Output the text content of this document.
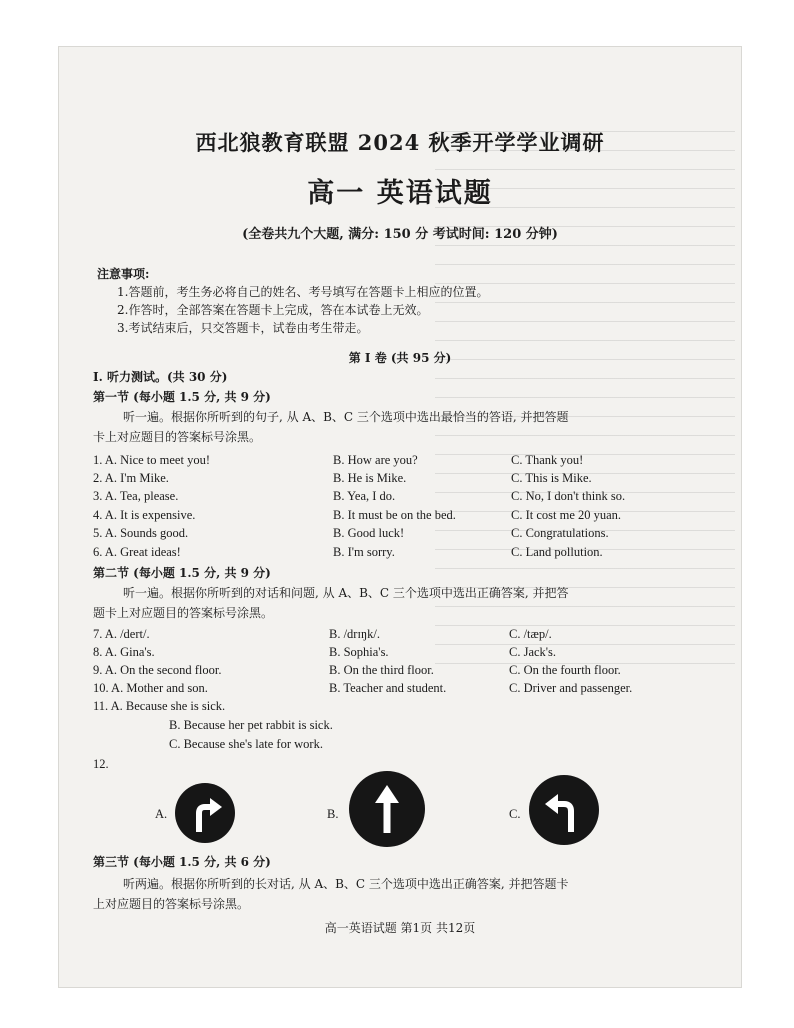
西北狼教育联盟 2024 秋季开学学业调研
高一 英语试题
(全卷共九个大题, 满分: 150 分 考试时间: 120 分钟)
注意事项:
1.答题前，考生务必将自己的姓名、考号填写在答题卡上相应的位置。
2.作答时，全部答案在答题卡上完成，答在本试卷上无效。
3.考试结束后，只交答题卡，试卷由考生带走。
第 Ⅰ 卷 (共 95 分)
I. 听力测试。(共 30 分)
第一节 (每小题 1.5 分, 共 9 分)
听一遍。根据你所听到的句子, 从 A、B、C 三个选项中选出最恰当的答语, 并把答题
卡上对应题目的答案标号涂黑。
1. A. Nice to meet you!	B. How are you?	C. Thank you!
2. A. I'm Mike.	B. He is Mike.	C. This is Mike.
3. A. Tea, please.	B. Yea, I do.	C. No, I don't think so.
4. A. It is expensive.	B. It must be on the bed.	C. It cost me 20 yuan.
5. A. Sounds good.	B. Good luck!	C. Congratulations.
6. A. Great ideas!	B. I'm sorry.	C. Land pollution.
第二节 (每小题 1.5 分, 共 9 分)
听一遍。根据你所听到的对话和问题, 从 A、B、C 三个选项中选出正确答案, 并把答
题卡上对应题目的答案标号涂黑。
7. A. /dert/.	B. /drɪŋk/.	C. /tæp/.
8. A. Gina's.	B. Sophia's.	C. Jack's.
9. A. On the second floor.	B. On the third floor.	C. On the fourth floor.
10. A. Mother and son.	B. Teacher and student.	C. Driver and passenger.
11. A. Because she is sick.
B. Because her pet rabbit is sick.
C. Because she's late for work.
12.
A.	B.	C.
第三节 (每小题 1.5 分, 共 6 分)
听两遍。根据你所听到的长对话, 从 A、B、C 三个选项中选出正确答案, 并把答题卡
上对应题目的答案标号涂黑。
高一英语试题 第1页 共12页
